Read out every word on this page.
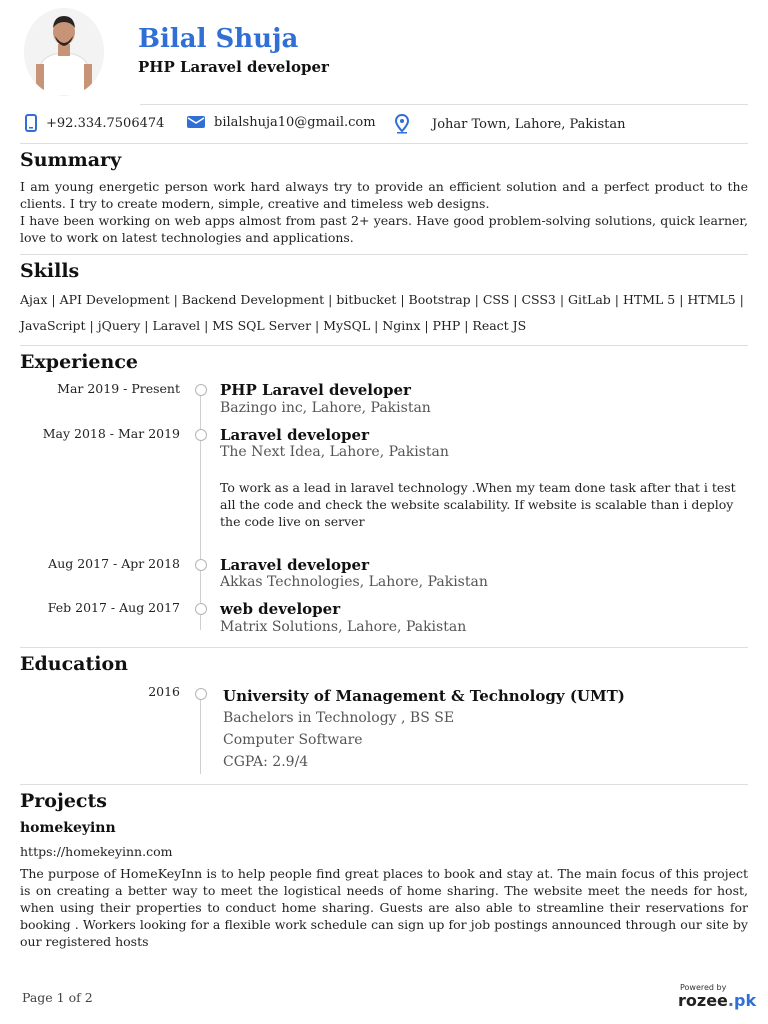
Bilal Shuja
PHP Laravel developer
+92.334.7506474	bilalshuja10@gmail.com	Johar Town, Lahore, Pakistan
Summary
I am young energetic person work hard always try to provide an efficient solution and a perfect product to the clients. I try to create modern, simple, creative and timeless web designs.
I have been working on web apps almost from past 2+ years. Have good problem-solving solutions, quick learner, love to work on latest technologies and applications.
Skills
Ajax | API Development | Backend Development | bitbucket | Bootstrap | CSS | CSS3 | GitLab | HTML 5 | HTML5 | JavaScript | jQuery | Laravel | MS SQL Server | MySQL | Nginx | PHP | React JS
Experience
Mar 2019 - Present	PHP Laravel developer
Bazingo inc, Lahore, Pakistan
May 2018 - Mar 2019	Laravel developer
The Next Idea, Lahore, Pakistan
To work as a lead in laravel technology .When my team done task after that i test all the code and check the website scalability. If website is scalable than i deploy the code live on server
Aug 2017 - Apr 2018	Laravel developer
Akkas Technologies, Lahore, Pakistan
Feb 2017 - Aug 2017	web developer
Matrix Solutions, Lahore, Pakistan
Education
2016	University of Management & Technology (UMT)
Bachelors in Technology , BS SE
Computer Software
CGPA: 2.9/4
Projects
homekeyinn
https://homekeyinn.com
The purpose of HomeKeyInn is to help people find great places to book and stay at. The main focus of this project is on creating a better way to meet the logistical needs of home sharing. The website meet the needs for host, when using their properties to conduct home sharing. Guests are also able to streamline their reservations for booking . Workers looking for a flexible work schedule can sign up for job postings announced through our site by our registered hosts
Page 1 of 2
Powered by
rozee.pk
